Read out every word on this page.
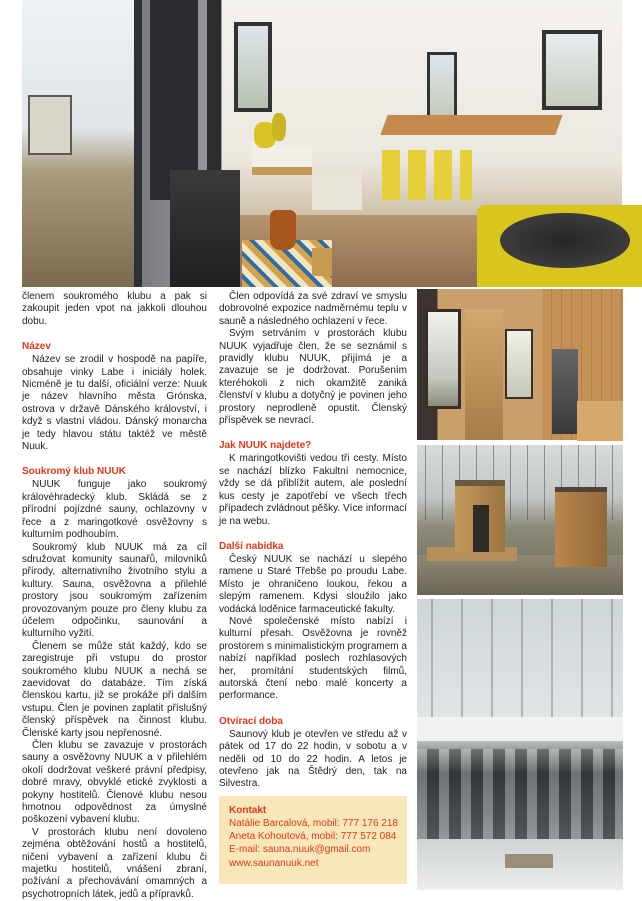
členem soukromého klubu a pak si zakoupit jeden vpot na jakkoli dlouhou dobu.

Název

Název se zrodil v hospodě na papíře, obsahuje vinky Labe i iniciály holek. Nicméně je tu další, oficiální verze: Nuuk je název hlavního města Grónska, ostrova v državě Dánského království, i když s vlastní vládou. Dánský monarcha je tedy hlavou státu taktéž ve městě Nuuk.

Soukromý klub NUUK

NUUK funguje jako soukromý královéhradecký klub. Skládá se z přírodní pojízdné sauny, ochlazovny v řece a z maringotkové osvěžovny s kulturním podhoubím.

Soukromý klub NUUK má za cíl sdružovat komunity saunařů, milovníků přírody, alternativního životního stylu a kultury. Sauna, osvěžovna a přilehlé prostory jsou soukromým zařízením provozovaným pouze pro členy klubu za účelem odpočinku, saunování a kulturního vyžití.

Členem se může stát každý, kdo se zaregistruje při vstupu do prostor soukromého klubu NUUK a nechá se zaevidovat do databáze. Tím získá členskou kartu, již se prokáže při dalším vstupu. Člen je povinen zaplatit příslušný členský příspěvek na činnost klubu. Členské karty jsou nepřenosné.

Člen klubu se zavazuje v prostorách sauny a osvěžovny NUUK a v přilehlém okolí dodržovat veškeré právní předpisy, dobré mravy, obvyklé etické zvyklosti a pokyny hostitelů. Členové klubu nesou hmotnou odpovědnost za úmyslné poškození vybavení klubu.

V prostorách klubu není dovoleno zejména obtěžování hostů a hostitelů, ničení vybavení a zařízení klubu či majetku hostitelů, vnášení zbraní, požívání a přechovávání omamných a psychotropních látek, jedů a přípravků.

Člen odpovídá za své zdraví ve smyslu dobrovolné expozice nadměrnému teplu v sauně a následného ochlazení v řece.

Svým setrváním v prostorách klubu NUUK vyjadřuje člen, že se seznámil s pravidly klubu NUUK, přijímá je a zavazuje se je dodržovat. Porušením kteréhokoli z nich okamžitě zaniká členství v klubu a dotyčný je povinen jeho prostory neprodleně opustit. Členský příspěvek se nevrací.

Jak NUUK najdete?

K maringotkovišti vedou tři cesty. Místo se nachází blízko Fakultní nemocnice, vždy se dá přiblížit autem, ale poslední kus cesty je zapotřebí ve všech třech případech zvládnout pěšky. Více informací je na webu.

Další nabídka

Český NUUK se nachází u slepého ramene u Staré Třebše po proudu Labe. Místo je ohraničeno loukou, řekou a slepým ramenem. Kdysi sloužilo jako vodácká loděnice farmaceutické fakulty.

Nové společenské místo nabízí i kulturní přesah. Osvěžovna je rovněž prostorem s minimalistickým programem a nabízí například poslech rozhlasových her, promítání studentských filmů, autorská čtení nebo malé koncerty a performance.

Otvírací doba

Saunový klub je otevřen ve středu až v pátek od 17 do 22 hodin, v sobotu a v neděli od 10 do 22 hodin. A letos je otevřeno jak na Štědrý den, tak na Silvestra.

Kontakt
Natálie Barcalová, mobil: 777 176 218
Aneta Kohoutová, mobil: 777 572 084
E-mail: sauna.nuuk@gmail.com
www.saunanuuk.net
